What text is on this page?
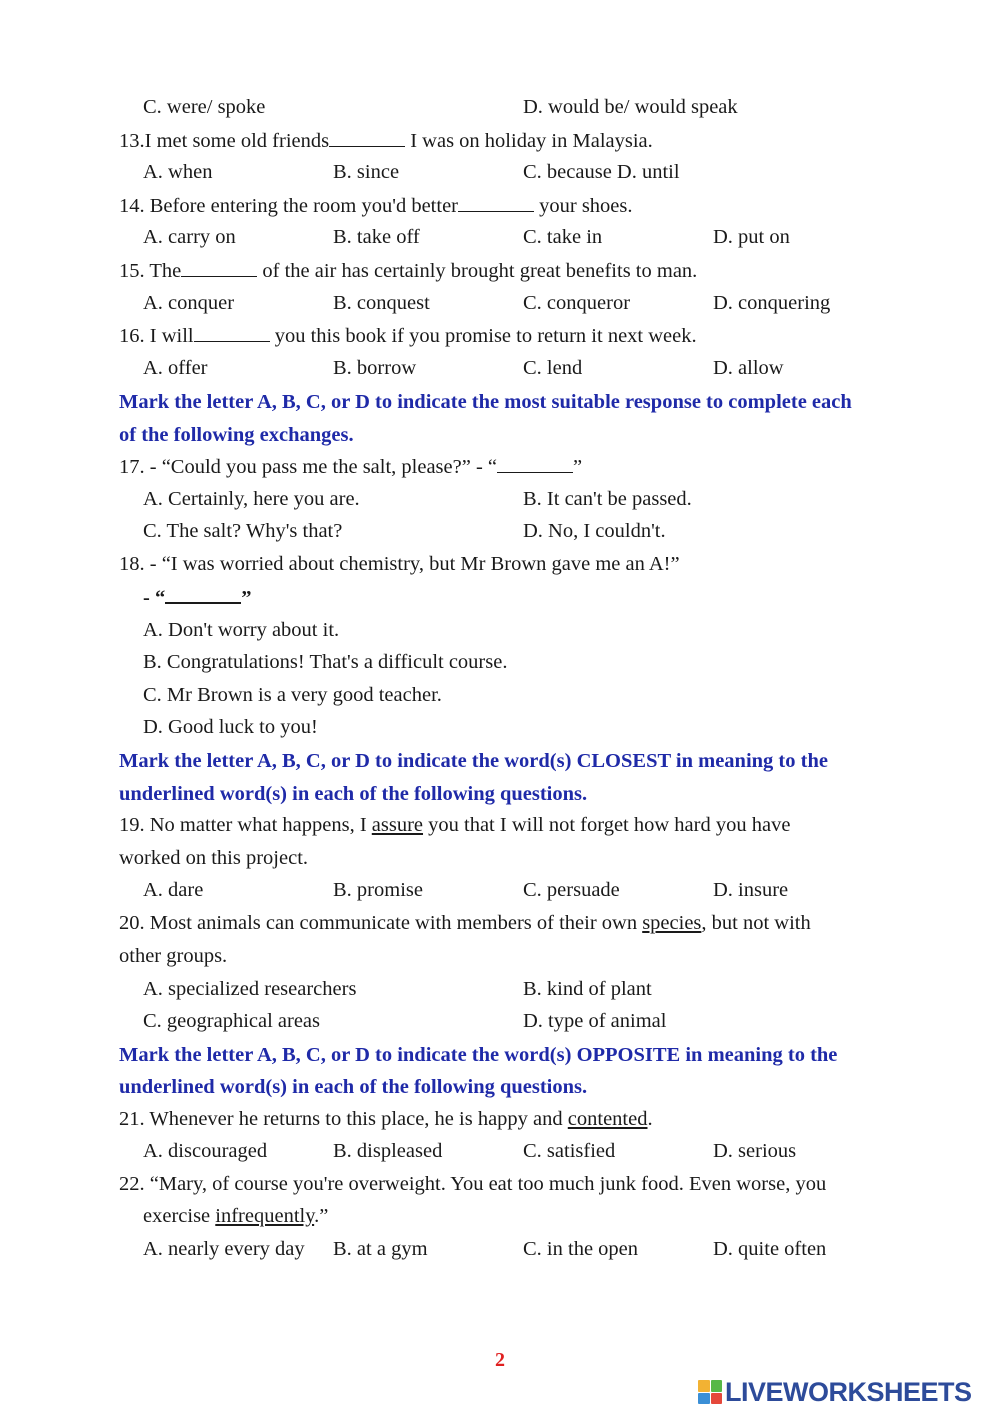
C. were/ spoke	D. would be/ would speak
13.I met some old friends	I was on holiday in Malaysia.
A. when	B. since	C. because D. until
14. Before entering the room you'd better	your shoes.
A. carry on	B. take off	C. take in	D. put on
15. The	of the air has certainly brought great benefits to man.
A. conquer	B. conquest	C. conqueror	D. conquering
16. I will	you this book if you promise to return it next week.
A. offer	B. borrow	C. lend	D. allow
Mark the letter A, B, C, or D to indicate the most suitable response to complete each
of the following exchanges.
17. - “Could you pass me the salt, please?” - “	”
A. Certainly, here you are.	B. It can't be passed.
C. The salt? Why's that?	D. No, I couldn't.
18. - “I was worried about chemistry, but Mr Brown gave me an A!”
- “	”
A. Don't worry about it.
B. Congratulations! That's a difficult course.
C. Mr Brown is a very good teacher.
D. Good luck to you!
Mark the letter A, B, C, or D to indicate the word(s) CLOSEST in meaning to the
underlined word(s) in each of the following questions.
19. No matter what happens, I assure you that I will not forget how hard you have
worked on this project.
A. dare	B. promise	C. persuade	D. insure
20. Most animals can communicate with members of their own species, but not with
other groups.
A. specialized researchers	B. kind of plant
C. geographical areas	D. type of animal
Mark the letter A, B, C, or D to indicate the word(s) OPPOSITE in meaning to the
underlined word(s) in each of the following questions.
21. Whenever he returns to this place, he is happy and contented.
A. discouraged	B. displeased	C. satisfied	D. serious
22. “Mary, of course you're overweight. You eat too much junk food. Even worse, you
exercise infrequently.”
A. nearly every day B. at a gym	C. in the open	D. quite often
2
LIVEWORKSHEETS
